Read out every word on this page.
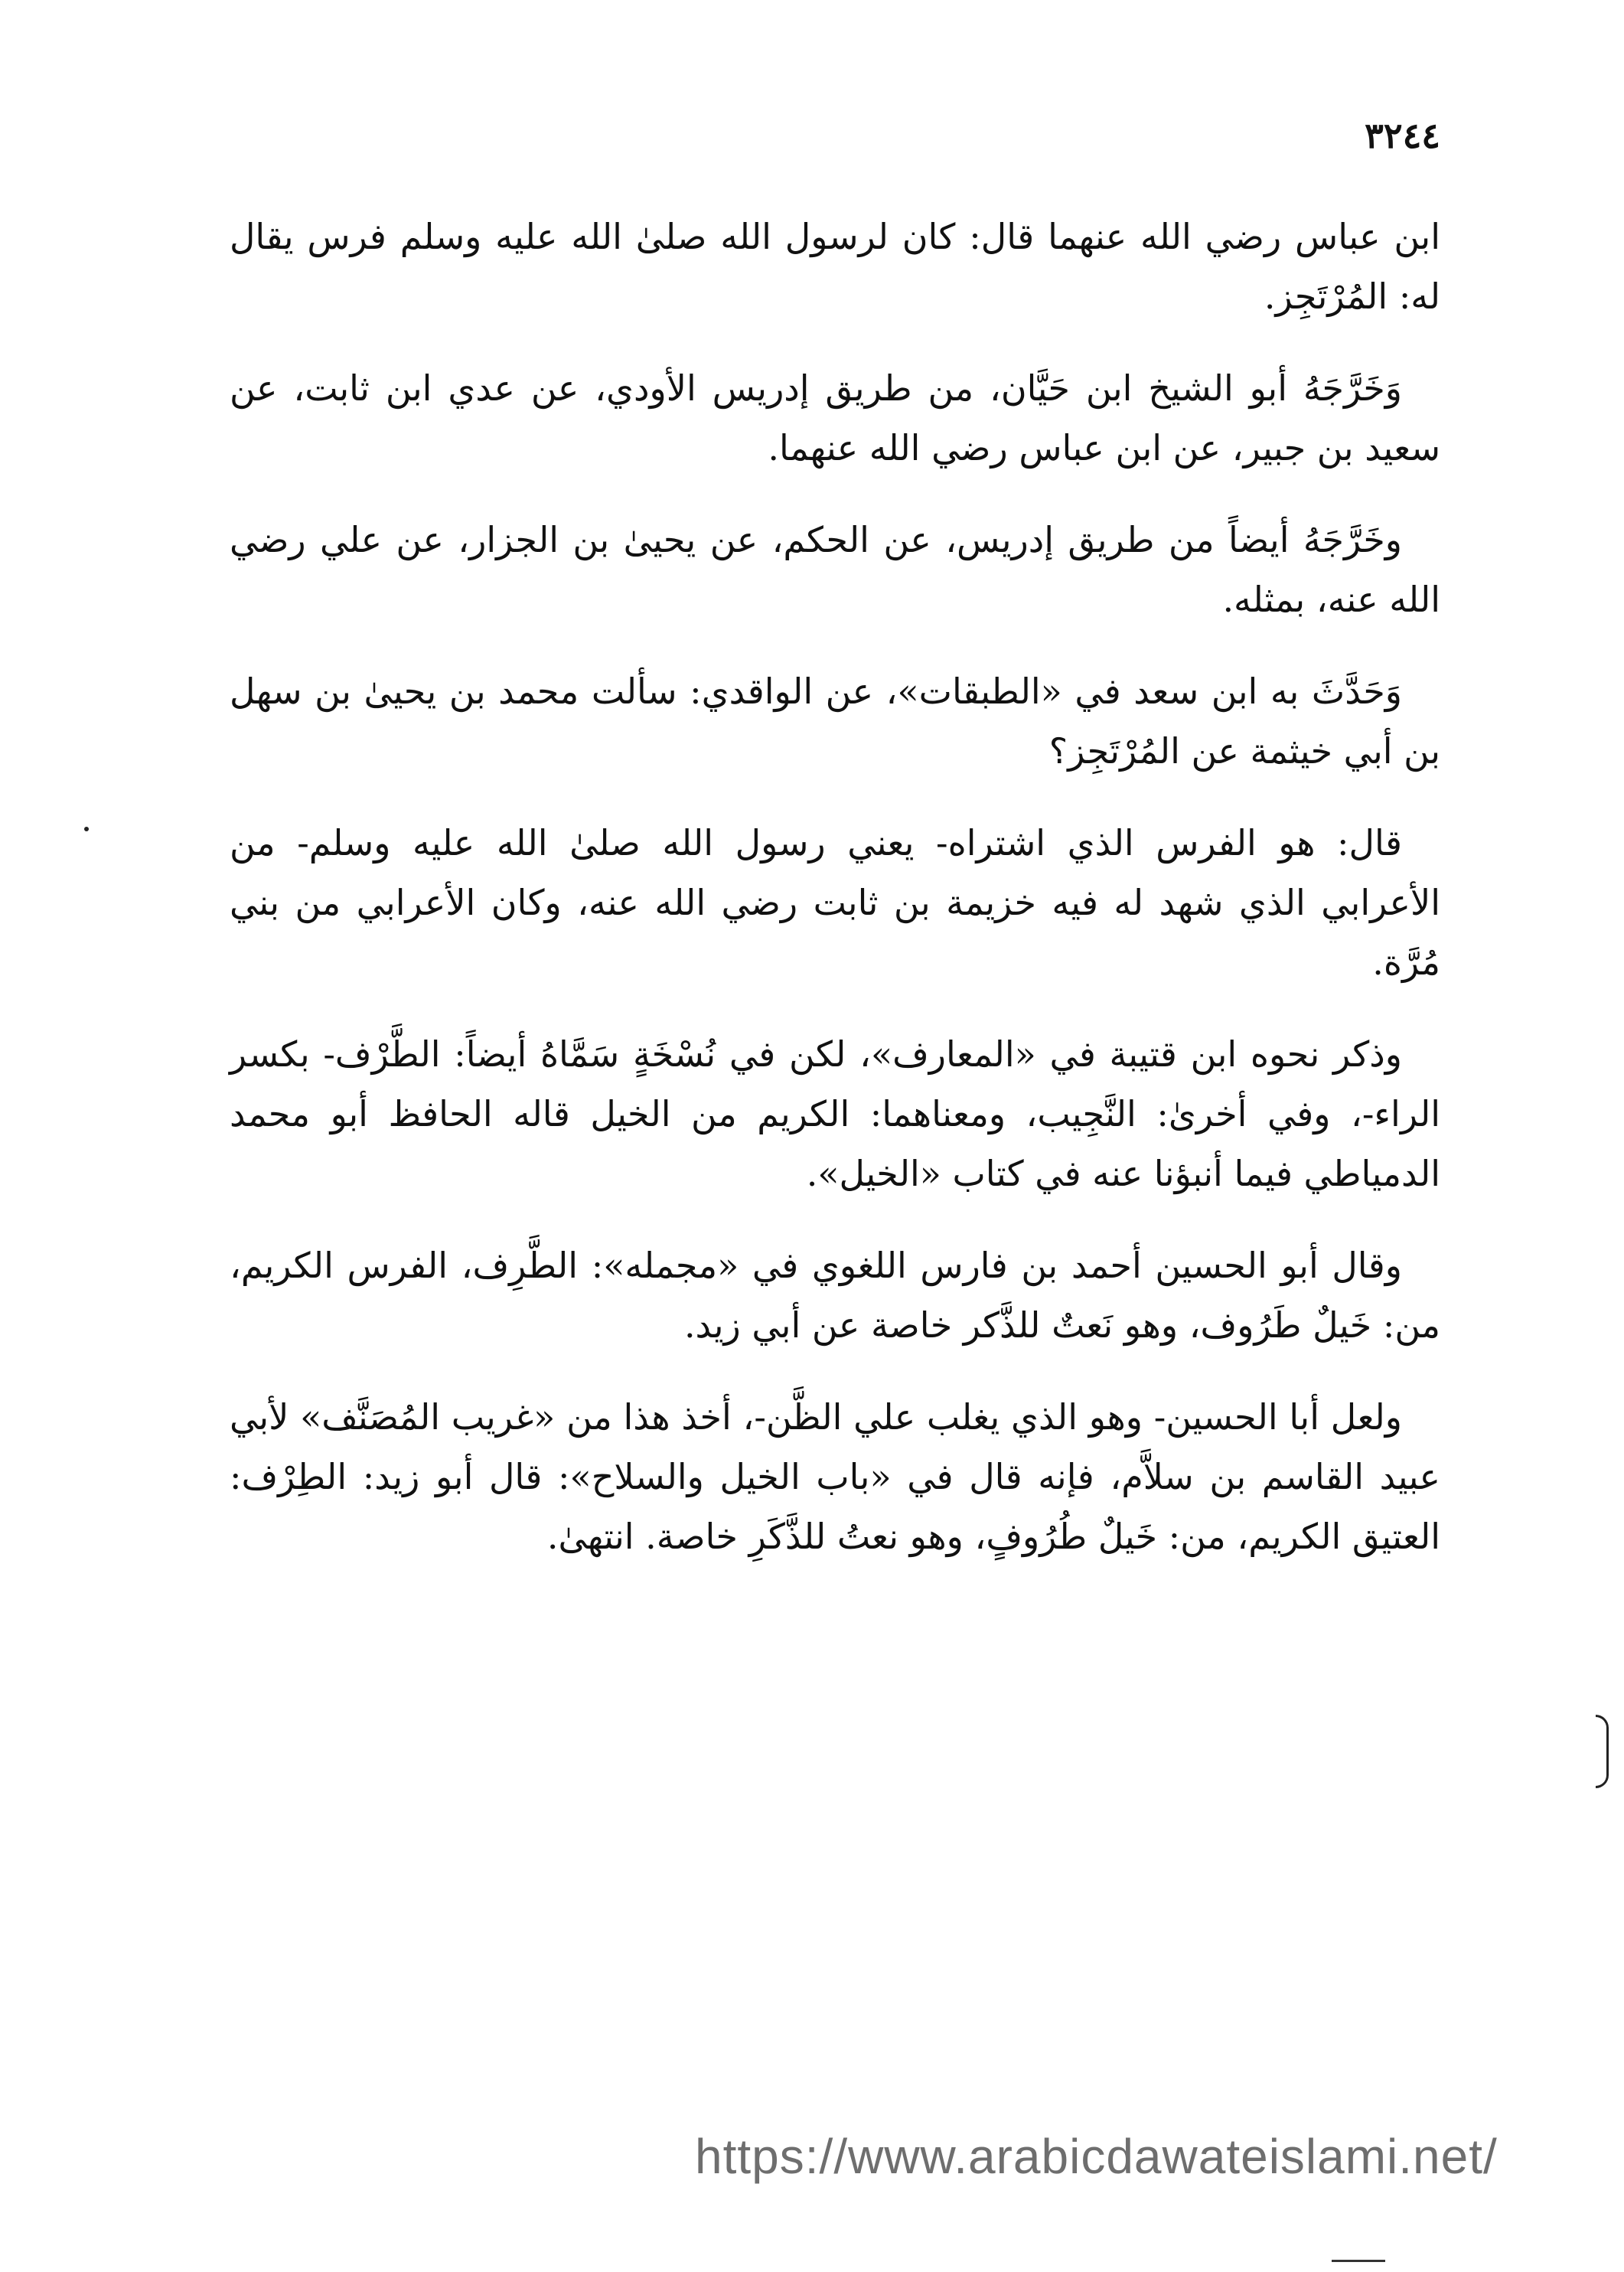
٣٢٤٤

ابن عباس رضي الله عنهما قال: كان لرسول الله صلىٰ الله عليه وسلم فرس يقال له: المُرْتَجِز.

وَخَرَّجَهُ أبو الشيخ ابن حَيَّان، من طريق إدريس الأودي، عن عدي ابن ثابت، عن سعيد بن جبير، عن ابن عباس رضي الله عنهما.

وخَرَّجَهُ أيضاً من طريق إدريس، عن الحكم، عن يحيىٰ بن الجزار، عن علي رضي الله عنه، بمثله.

وَحَدَّثَ به ابن سعد في «الطبقات»، عن الواقدي: سألت محمد بن يحيىٰ بن سهل بن أبي خيثمة عن المُرْتَجِز؟

قال: هو الفرس الذي اشتراه- يعني رسول الله صلىٰ الله عليه وسلم- من الأعرابي الذي شهد له فيه خزيمة بن ثابت رضي الله عنه، وكان الأعرابي من بني مُرَّة.

وذكر نحوه ابن قتيبة في «المعارف»، لكن في نُسْخَةٍ سَمَّاهُ أيضاً: الطَّرْف- بكسر الراء-، وفي أخرىٰ: النَّجِيب، ومعناهما: الكريم من الخيل قاله الحافظ أبو محمد الدمياطي فيما أنبؤنا عنه في كتاب «الخيل».

وقال أبو الحسين أحمد بن فارس اللغوي في «مجمله»: الطَّرِف، الفرس الكريم، من: خَيلٌ طَرُوف، وهو نَعتٌ للذَّكر خاصة عن أبي زيد.

ولعل أبا الحسين- وهو الذي يغلب علي الظَّن-، أخذ هذا من «غريب المُصَنَّف» لأبي عبيد القاسم بن سلاَّم، فإنه قال في «باب الخيل والسلاح»: قال أبو زيد: الطِرْف: العتيق الكريم، من: خَيلٌ طُرُوفٍ، وهو نعتُ للذَّكَرِ خاصة. انتهىٰ.

https://www.arabicdawateislami.net/
